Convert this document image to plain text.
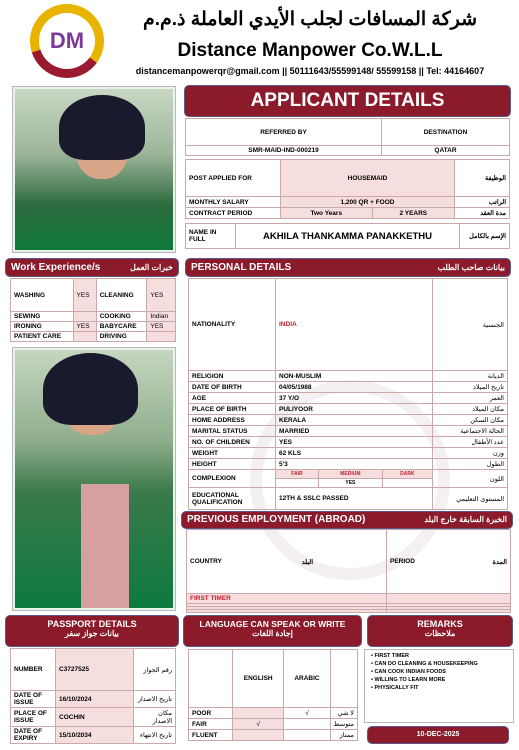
DM
شركة المسافات لجلب الأيدي العاملة ذ.م.م
Distance Manpower Co.W.L.L
distancemanpowerqr@gmail.com || 50111643/55599148/ 55599158 || Tel: 44164607
APPLICANT DETAILS
REFERRED BY	DESTINATION
SMR-MAID-IND-000219	QATAR
POST APPLIED FOR	HOUSEMAID		الوظيفة
MONTHLY SALARY	1,200 QR + FOOD		الراتب
CONTRACT PERIOD	Two Years	2 YEARS	مدة العقد
NAME IN FULL	AKHILA THANKAMMA PANAKKETHU	الإسم بالكامل
Work Experience/s	خبرات العمل
WASHING	YES	CLEANING	YES
SEWING		COOKING	Indian
IRONING	YES	BABYCARE	YES
PATIENT CARE		DRIVING	
PERSONAL DETAILS	بيانات صاحب الطلب
NATIONALITY	INDIA			الجنسية
RELIGION	NON-MUSLIM			الديانة
DATE OF BIRTH	04/05/1988			تاريخ الميلاد
AGE	37 Y/O			العمر
PLACE OF BIRTH	PULIYOOR			مكان الميلاد
HOME ADDRESS	KERALA			مكان السكن
MARITAL STATUS	MARRIED			الحالة الاجتماعية
NO. OF CHILDREN	YES			عدد الأطفال
WEIGHT	62 KLS			وزن
HEIGHT	5'3			الطول
COMPLEXION	FAIR	MEDIUM	DARK	اللون
		YES		
EDUCATIONAL QUALIFICATION	12TH & SSLC PASSED			المستوى التعليمي
PREVIOUS EMPLOYMENT (ABROAD)	الخبرة السابقة خارج البلد
COUNTRY البلد	PERIOD المدة

FIRST TIMER	

PASSPORT DETAILS
بيانات جواز سفر
NUMBER	C3727525	رقم الجواز
DATE OF ISSUE	16/10/2024	تاريخ الاصدار
PLACE OF ISSUE	COCHIN	مكان الاصدار
DATE OF EXPIRY	15/10/2034	تاريخ الانتهاء
LANGUAGE CAN SPEAK OR WRITE
إجادة اللغات
	ENGLISH	ARABIC	
POOR		√	لا شي
FAIR	√		متوسط
FLUENT			ممتاز
REMARKS
ملاحظات
• FIRST TIMER
• CAN DO CLEANING & HOUSEKEEPING
• CAN COOK INDIAN FOODS
• WILLING TO LEARN MORE
• PHYSICALLY FIT
10-DEC-2025
